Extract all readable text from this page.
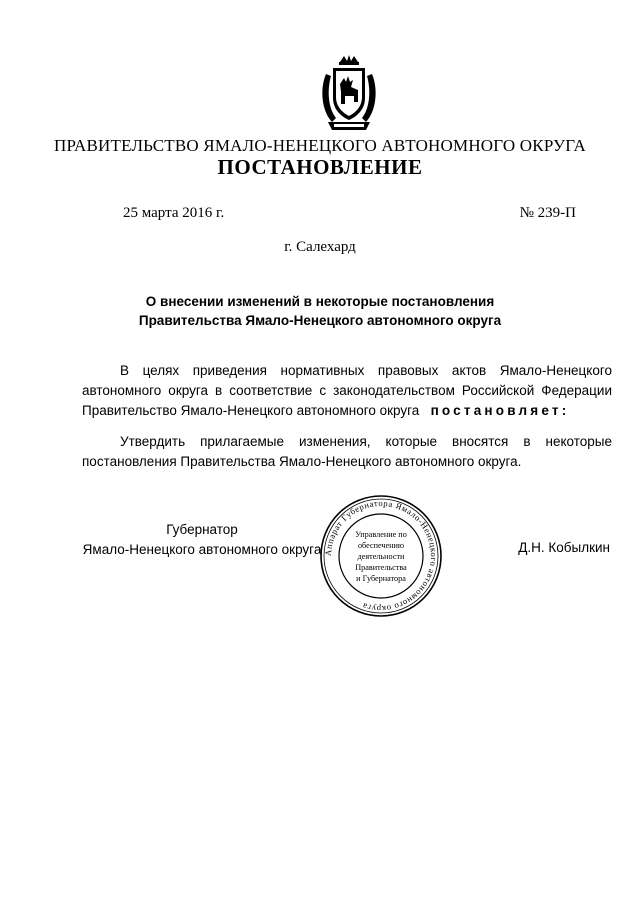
ПРАВИТЕЛЬСТВО ЯМАЛО-НЕНЕЦКОГО АВТОНОМНОГО ОКРУГА
ПОСТАНОВЛЕНИЕ
25 марта 2016 г.	№ 239-П
г. Салехард
О внесении изменений в некоторые постановления
Правительства Ямало-Ненецкого автономного округа
В целях приведения нормативных правовых актов Ямало-Ненецкого
автономного округа в соответствие с законодательством Российской Федерации
Правительство Ямало-Ненецкого автономного округа постановляет:
Утвердить прилагаемые изменения, которые вносятся в некоторые
постановления Правительства Ямало-Ненецкого автономного округа.
Губернатор
Ямало-Ненецкого автономного округа	Д.Н. Кобылкин
Аппарат Губернатора Ямало-Ненецкого автономного округа
Управление по
обеспечению
деятельности
Правительства
и Губернатора
